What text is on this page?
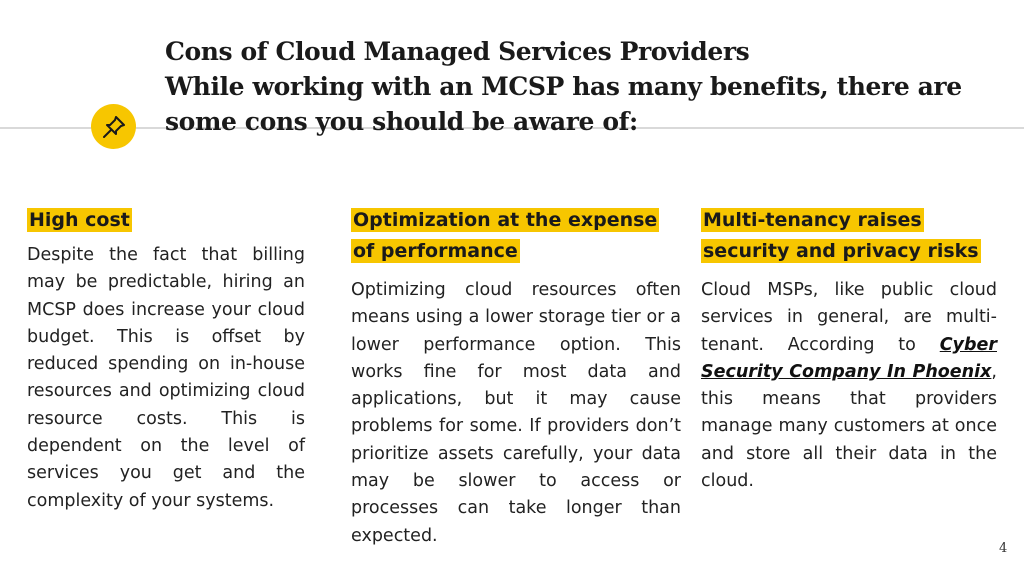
Cons of Cloud Managed Services Providers
While working with an MCSP has many benefits, there are some cons you should be aware of:

High cost

Despite the fact that billing may be predictable, hiring an MCSP does increase your cloud budget. This is offset by reduced spending on in-house resources and optimizing cloud resource costs. This is dependent on the level of services you get and the complexity of your systems.

Optimization at the expense of performance

Optimizing cloud resources often means using a lower storage tier or a lower performance option. This works fine for most data and applications, but it may cause problems for some. If providers don’t prioritize assets carefully, your data may be slower to access or processes can take longer than expected.

Multi-tenancy raises security and privacy risks

Cloud MSPs, like public cloud services in general, are multi-tenant. According to Cyber Security Company In Phoenix, this means that providers manage many customers at once and store all their data in the cloud.

4
